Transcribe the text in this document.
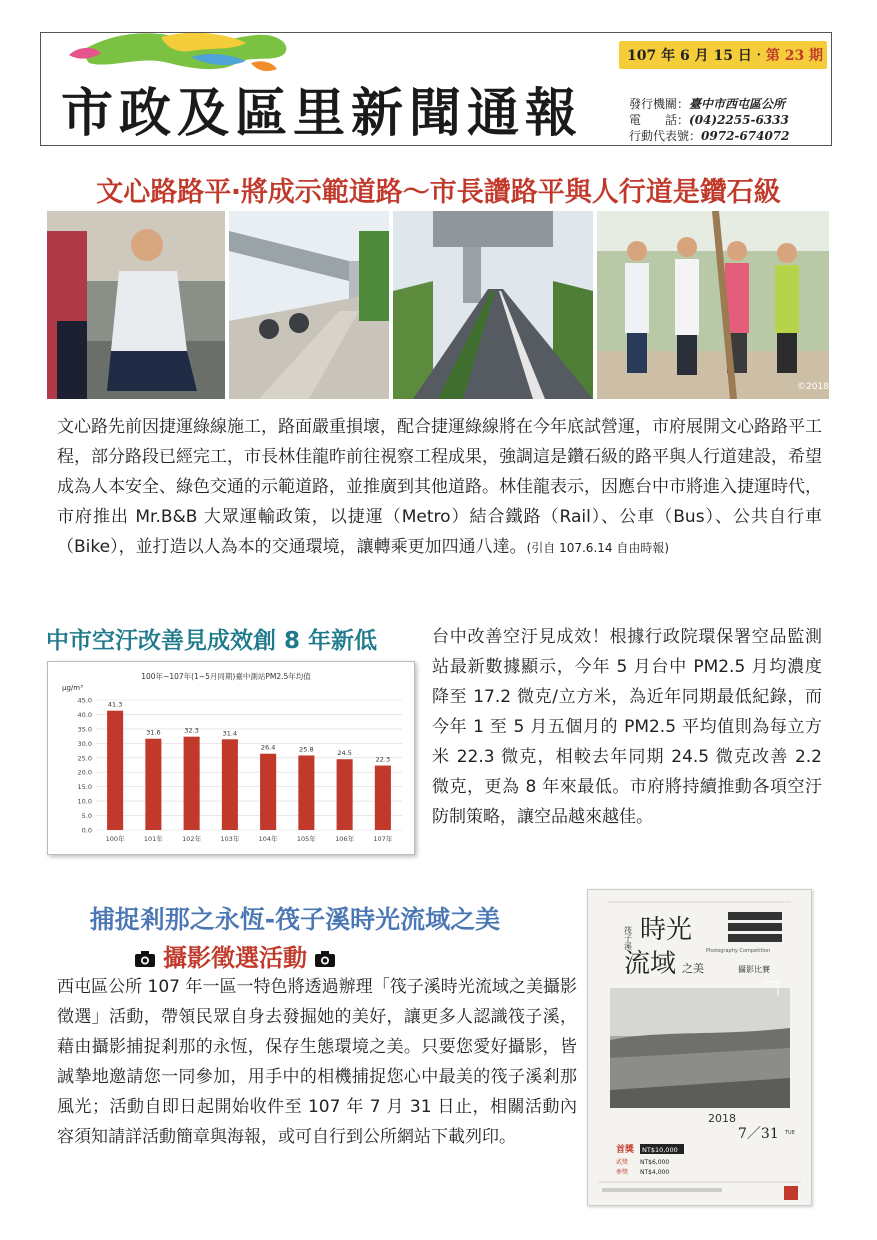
市政及區里新聞通報
107 年 6 月 15 日‧第 23 期
發行機關：臺中市西屯區公所
電　　話：(04)2255-6333
行動代表號：0972-674072
文心路路平‧將成示範道路～市長讚路平與人行道是鑽石級
©2018
文心路先前因捷運綠線施工，路面嚴重損壞，配合捷運綠線將在今年底試營運，市府展開文心路路平工程，部分路段已經完工，市長林佳龍昨前往視察工程成果，強調這是鑽石級的路平與人行道建設，希望成為人本安全、綠色交通的示範道路，並推廣到其他道路。林佳龍表示，因應台中市將進入捷運時代，市府推出 Mr.B&B 大眾運輸政策，以捷運（Metro）結合鐵路（Rail）、公車（Bus）、公共自行車（Bike），並打造以人為本的交通環境，讓轉乘更加四通八達。(引自 107.6.14 自由時報)
中市空汙改善見成效創 8 年新低
100年~107年(1~5月同期)臺中測站PM2.5年均值
μg/m³
0.0
5.0
10.0
15.0
20.0
25.0
30.0
35.0
40.0
45.0
41.3
31.6	32.3	31.4
26.4	25.8	24.5
22.3
100年	101年	102年	103年	104年	105年	106年	107年
台中改善空汙見成效！根據行政院環保署空品監測站最新數據顯示，今年 5 月台中 PM2.5 月均濃度降至 17.2 微克/立方米，為近年同期最低紀錄，而今年 1 至 5 月五個月的 PM2.5 平均值則為每立方米 22.3 微克，相較去年同期 24.5 微克改善 2.2 微克，更為 8 年來最低。市府將持續推動各項空汙防制策略，讓空品越來越佳。
捕捉剎那之永恆-筏子溪時光流域之美
攝影徵選活動
西屯區公所 107 年一區一特色將透過辦理「筏子溪時光流域之美攝影徵選」活動，帶領民眾自身去發掘她的美好，讓更多人認識筏子溪，藉由攝影捕捉剎那的永恆，保存生態環境之美。只要您愛好攝影，皆誠摯地邀請您一同參加，用手中的相機捕捉您心中最美的筏子溪剎那風光；活動自即日起開始收件至 107 年 7 月 31 日止，相關活動內容須知請詳活動簡章與海報，或可自行到公所網站下載列印。
筏子溪 時光
流域 之美
Photography Competition
攝影比賽
2018
7／31 TUE
首獎 NT$10,000
貳獎 NT$6,000
參獎 NT$4,000
